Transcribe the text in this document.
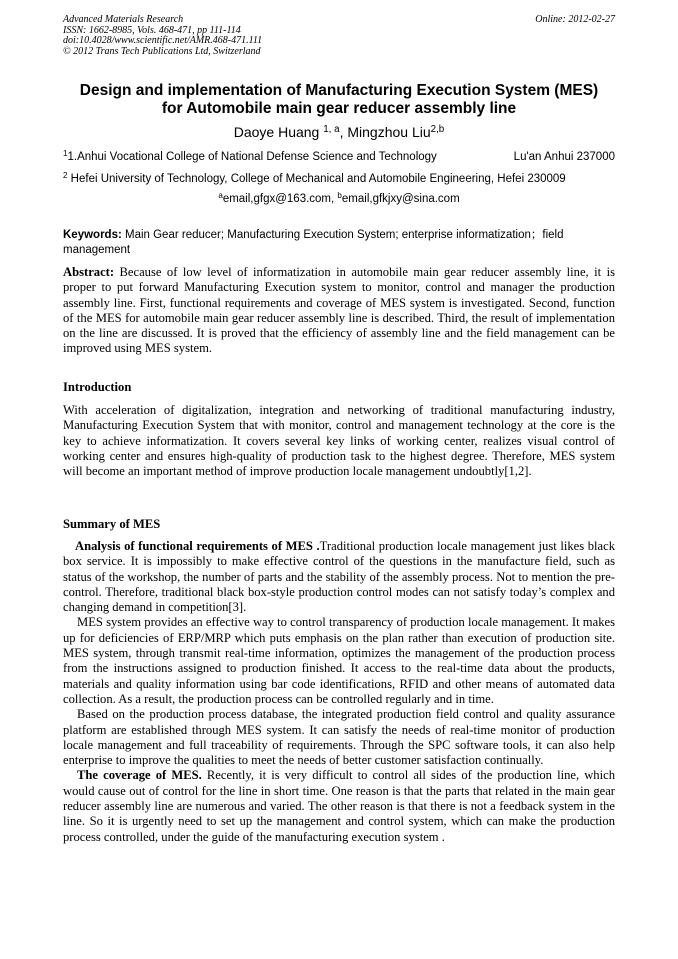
Advanced Materials Research
ISSN: 1662-8985, Vols. 468-471, pp 111-114
doi:10.4028/www.scientific.net/AMR.468-471.111
© 2012 Trans Tech Publications Ltd, Switzerland
Online: 2012-02-27
Design and implementation of Manufacturing Execution System (MES)
for Automobile main gear reducer assembly line
Daoye Huang $^{1, a}$, Mingzhou Liu$^{2,b}$
$^1$1.Anhui Vocational College of National Defense Science and Technology	Lu'an Anhui 237000
$^2$ Hefei University of Technology, College of Mechanical and Automobile Engineering, Hefei 230009
$^a$email,gfgx@163.com, $^b$email,gfkjxy@sina.com
Keywords: Main Gear reducer; Manufacturing Execution System; enterprise informatization；field management
Abstract: Because of low level of informatization in automobile main gear reducer assembly line, it is proper to put forward Manufacturing Execution system to monitor, control and manager the production assembly line. First, functional requirements and coverage of MES system is investigated. Second, function of the MES for automobile main gear reducer assembly line is described. Third, the result of implementation on the line are discussed. It is proved that the efficiency of assembly line and the field management can be improved using MES system.
Introduction
With acceleration of digitalization, integration and networking of traditional manufacturing industry, Manufacturing Execution System that with monitor, control and management technology at the core is the key to achieve informatization. It covers several key links of working center, realizes visual control of working center and ensures high-quality of production task to the highest degree. Therefore, MES system will become an important method of improve production locale management undoubtly[1,2].
Summary of MES

Analysis of functional requirements of MES .Traditional production locale management just likes black box service. It is impossibly to make effective control of the questions in the manufacture field, such as status of the workshop, the number of parts and the stability of the assembly process. Not to mention the pre-control. Therefore, traditional black box-style production control modes can not satisfy today’s complex and changing demand in competition[3].

MES system provides an effective way to control transparency of production locale management. It makes up for deficiencies of ERP/MRP which puts emphasis on the plan rather than execution of production site. MES system, through transmit real-time information, optimizes the management of the production process from the instructions assigned to production finished. It access to the real-time data about the products, materials and quality information using bar code identifications, RFID and other means of automated data collection. As a result, the production process can be controlled regularly and in time.

Based on the production process database, the integrated production field control and quality assurance platform are established through MES system. It can satisfy the needs of real-time monitor of production locale management and full traceability of requirements. Through the SPC software tools, it can also help enterprise to improve the qualities to meet the needs of better customer satisfaction continually.

The coverage of MES. Recently, it is very difficult to control all sides of the production line, which would cause out of control for the line in short time. One reason is that the parts that related in the main gear reducer assembly line are numerous and varied. The other reason is that there is not a feedback system in the line. So it is urgently need to set up the management and control system, which can make the production process controlled, under the guide of the manufacturing execution system .
